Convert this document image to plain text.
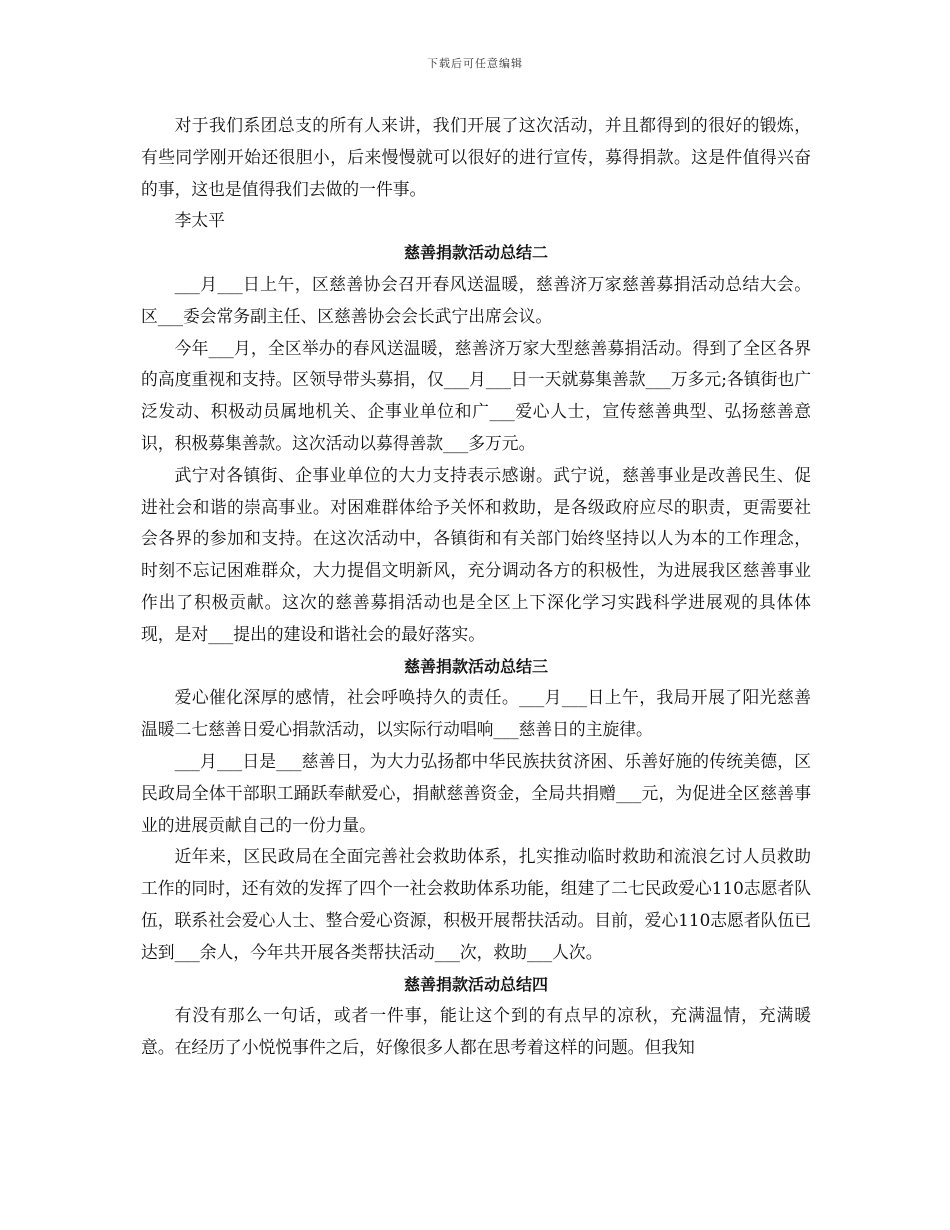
下载后可任意编辑

对于我们系团总支的所有人来讲，我们开展了这次活动，并且都得到的很好的锻炼，有些同学刚开始还很胆小，后来慢慢就可以很好的进行宣传，募得捐款。这是件值得兴奋的事，这也是值得我们去做的一件事。

李太平

慈善捐款活动总结二

___月___日上午，区慈善协会召开春风送温暖，慈善济万家慈善募捐活动总结大会。区___委会常务副主任、区慈善协会会长武宁出席会议。

今年___月，全区举办的春风送温暖，慈善济万家大型慈善募捐活动。得到了全区各界的高度重视和支持。区领导带头募捐，仅___月___日一天就募集善款___万多元;各镇街也广泛发动、积极动员属地机关、企事业单位和广___爱心人士，宣传慈善典型、弘扬慈善意识，积极募集善款。这次活动以募得善款___多万元。

武宁对各镇街、企事业单位的大力支持表示感谢。武宁说，慈善事业是改善民生、促进社会和谐的崇高事业。对困难群体给予关怀和救助，是各级政府应尽的职责，更需要社会各界的参加和支持。在这次活动中，各镇街和有关部门始终坚持以人为本的工作理念，时刻不忘记困难群众，大力提倡文明新风，充分调动各方的积极性，为进展我区慈善事业作出了积极贡献。这次的慈善募捐活动也是全区上下深化学习实践科学进展观的具体体现，是对___提出的建设和谐社会的最好落实。

慈善捐款活动总结三

爱心催化深厚的感情，社会呼唤持久的责任。___月___日上午，我局开展了阳光慈善温暖二七慈善日爱心捐款活动，以实际行动唱响___慈善日的主旋律。

___月___日是___慈善日，为大力弘扬都中华民族扶贫济困、乐善好施的传统美德，区民政局全体干部职工踊跃奉献爱心，捐献慈善资金，全局共捐赠___元，为促进全区慈善事业的进展贡献自己的一份力量。

近年来，区民政局在全面完善社会救助体系，扎实推动临时救助和流浪乞讨人员救助工作的同时，还有效的发挥了四个一社会救助体系功能，组建了二七民政爱心110志愿者队伍，联系社会爱心人士、整合爱心资源，积极开展帮扶活动。目前，爱心110志愿者队伍已达到___余人，今年共开展各类帮扶活动___次，救助___人次。

慈善捐款活动总结四

有没有那么一句话，或者一件事，能让这个到的有点早的凉秋，充满温情，充满暖意。在经历了小悦悦事件之后，好像很多人都在思考着这样的问题。但我知
